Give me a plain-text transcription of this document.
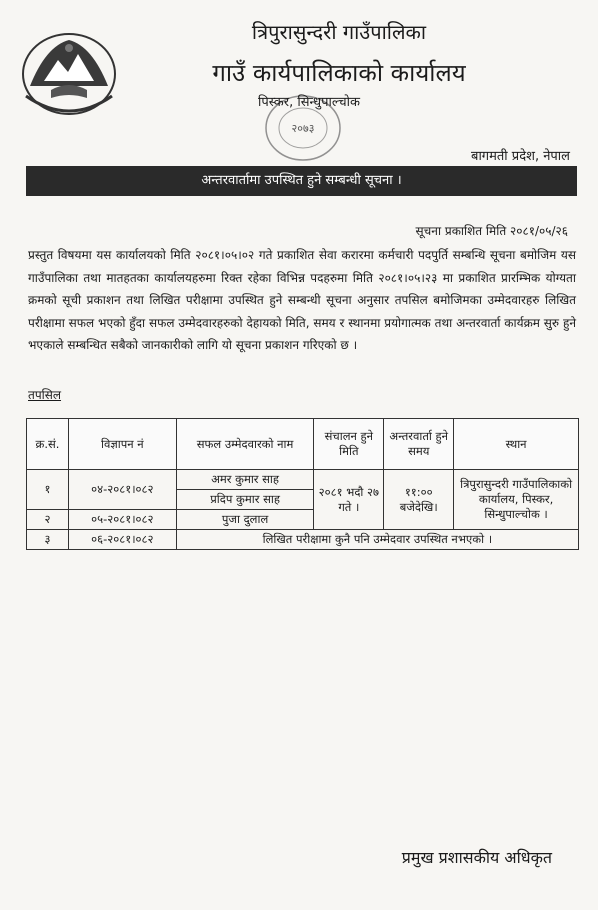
२०७३
त्रिपुरासुन्दरी गाउँपालिका
गाउँ कार्यपालिकाको कार्यालय
पिस्कर, सिन्धुपाल्चोक
बागमती प्रदेश, नेपाल
अन्तरवार्तामा उपस्थित हुने सम्बन्धी सूचना ।
सूचना प्रकाशित मिति २०८१/०५/२६
प्रस्तुत विषयमा यस कार्यालयको मिति २०८१।०५।०२ गते प्रकाशित सेवा करारमा कर्मचारी पदपुर्ति सम्बन्धि सूचना बमोजिम यस गाउँपालिका तथा मातहतका कार्यालयहरुमा रिक्त रहेका विभिन्न पदहरुमा मिति २०८१।०५।२३ मा प्रकाशित प्रारम्भिक योग्यता क्रमको सूची प्रकाशन तथा लिखित परीक्षामा उपस्थित हुने सम्बन्धी सूचना अनुसार तपसिल बमोजिमका उम्मेदवारहरु लिखित परीक्षामा सफल भएको हुँदा सफल उम्मेदवारहरुको देहायको मिति, समय र स्थानमा प्रयोगात्मक तथा अन्तरवार्ता कार्यक्रम सुरु हुने भएकाले सम्बन्धित सबैको जानकारीको लागि यो सूचना प्रकाशन गरिएको छ ।
तपसिल
क्र.सं.	विज्ञापन नं	सफल उम्मेदवारको नाम	संचालन हुने मिति	अन्तरवार्ता हुने समय	स्थान
१	०४-२०८१।०८२	अमर कुमार साह	२०८१ भदौ २७ गते ।	११:०० बजेदेखि।	त्रिपुरासुन्दरी गाउँपालिकाको कार्यालय, पिस्कर, सिन्धुपाल्चोक ।
		प्रदिप कुमार साह			
२	०५-२०८१।०८२	पुजा दुलाल			
३	०६-२०८१।०८२	लिखित परीक्षामा कुनै पनि उम्मेदवार उपस्थित नभएको ।			
प्रमुख प्रशासकीय अधिकृत
